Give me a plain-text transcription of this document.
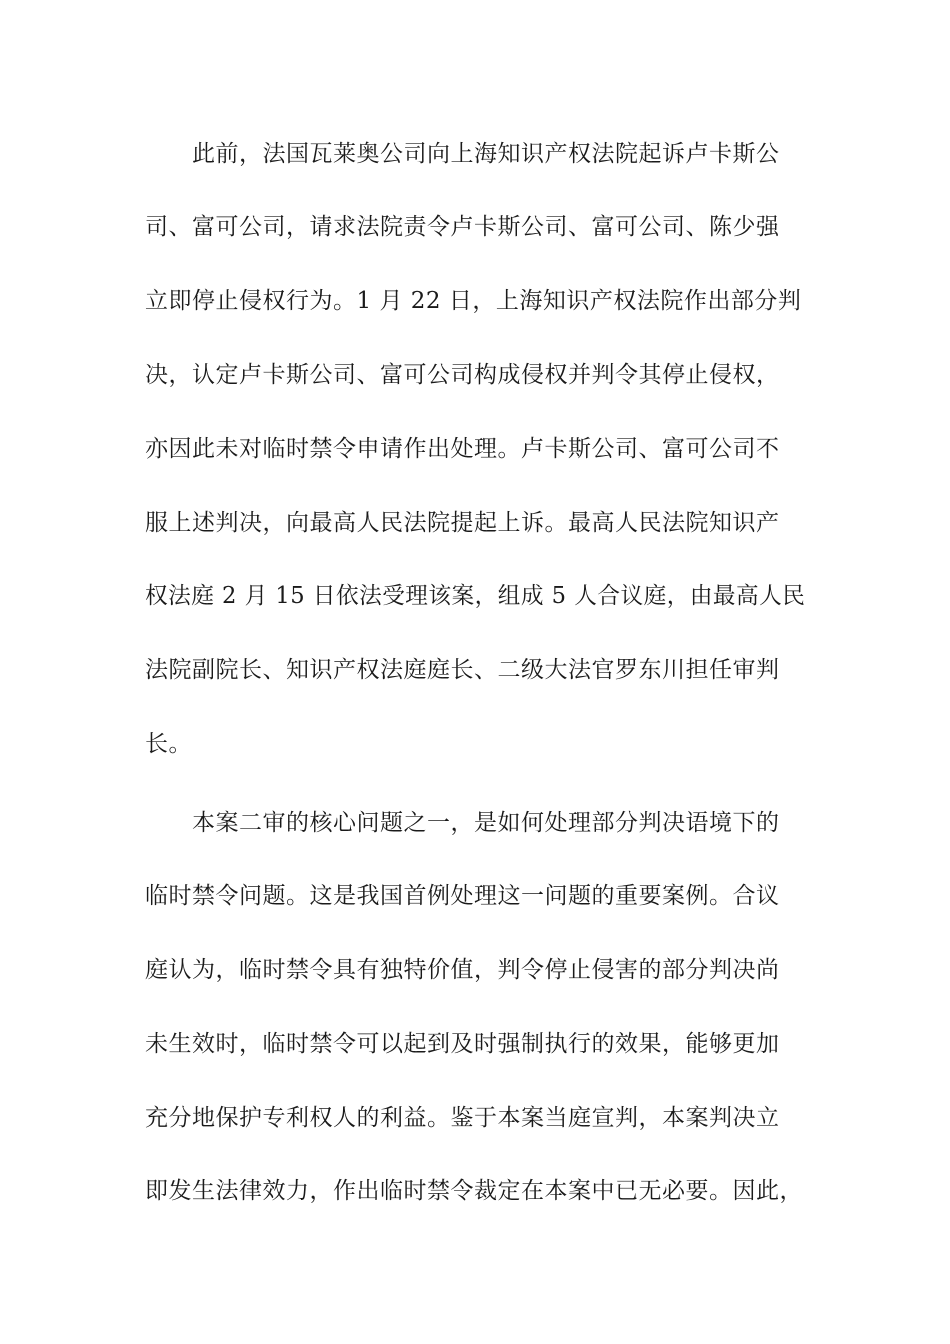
此前，法国瓦莱奥公司向上海知识产权法院起诉卢卡斯公
司、富可公司，请求法院责令卢卡斯公司、富可公司、陈少强
立即停止侵权行为。1 月 22 日，上海知识产权法院作出部分判
决，认定卢卡斯公司、富可公司构成侵权并判令其停止侵权，
亦因此未对临时禁令申请作出处理。卢卡斯公司、富可公司不
服上述判决，向最高人民法院提起上诉。最高人民法院知识产
权法庭 2 月 15 日依法受理该案，组成 5 人合议庭，由最高人民
法院副院长、知识产权法庭庭长、二级大法官罗东川担任审判
长。
本案二审的核心问题之一，是如何处理部分判决语境下的
临时禁令问题。这是我国首例处理这一问题的重要案例。合议
庭认为，临时禁令具有独特价值，判令停止侵害的部分判决尚
未生效时，临时禁令可以起到及时强制执行的效果，能够更加
充分地保护专利权人的利益。鉴于本案当庭宣判，本案判决立
即发生法律效力，作出临时禁令裁定在本案中已无必要。因此，
